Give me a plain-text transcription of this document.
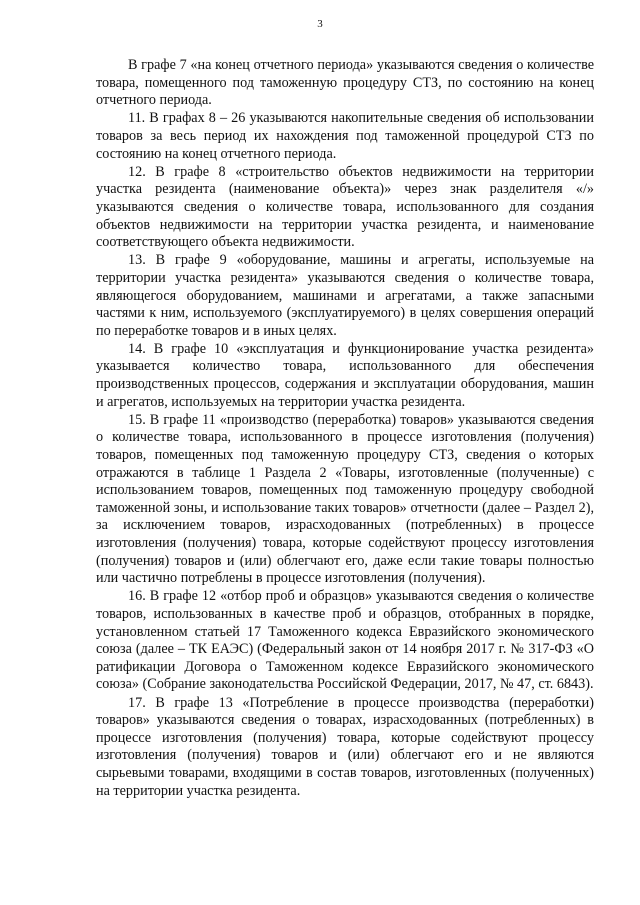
3

В графе 7 «на конец отчетного периода» указываются сведения о количестве товара, помещенного под таможенную процедуру СТЗ, по состоянию на конец отчетного периода.

11. В графах 8 – 26 указываются накопительные сведения об использовании товаров за весь период их нахождения под таможенной процедурой СТЗ по состоянию на конец отчетного периода.

12. В графе 8 «строительство объектов недвижимости на территории участка резидента (наименование объекта)» через знак разделителя «/» указываются сведения о количестве товара, использованного для создания объектов недвижимости на территории участка резидента, и наименование соответствующего объекта недвижимости.

13. В графе 9 «оборудование, машины и агрегаты, используемые на территории участка резидента» указываются сведения о количестве товара, являющегося оборудованием, машинами и агрегатами, а также запасными частями к ним, используемого (эксплуатируемого) в целях совершения операций по переработке товаров и в иных целях.

14. В графе 10 «эксплуатация и функционирование участка резидента» указывается количество товара, использованного для обеспечения производственных процессов, содержания и эксплуатации оборудования, машин и агрегатов, используемых на территории участка резидента.

15. В графе 11 «производство (переработка) товаров» указываются сведения о количестве товара, использованного в процессе изготовления (получения) товаров, помещенных под таможенную процедуру СТЗ, сведения о которых отражаются в таблице 1 Раздела 2 «Товары, изготовленные (полученные) с использованием товаров, помещенных под таможенную процедуру свободной таможенной зоны, и использование таких товаров» отчетности (далее – Раздел 2), за исключением товаров, израсходованных (потребленных) в процессе изготовления (получения) товара, которые содействуют процессу изготовления (получения) товаров и (или) облегчают его, даже если такие товары полностью или частично потреблены в процессе изготовления (получения).

16. В графе 12 «отбор проб и образцов» указываются сведения о количестве товаров, использованных в качестве проб и образцов, отобранных в порядке, установленном статьей 17 Таможенного кодекса Евразийского экономического союза (далее – ТК ЕАЭС) (Федеральный закон от 14 ноября 2017 г. № 317-ФЗ «О ратификации Договора о Таможенном кодексе Евразийского экономического союза» (Собрание законодательства Российской Федерации, 2017, № 47, ст. 6843).

17. В графе 13 «Потребление в процессе производства (переработки) товаров» указываются сведения о товарах, израсходованных (потребленных) в процессе изготовления (получения) товара, которые содействуют процессу изготовления (получения) товаров и (или) облегчают его и не являются сырьевыми товарами, входящими в состав товаров, изготовленных (полученных) на территории участка резидента.
